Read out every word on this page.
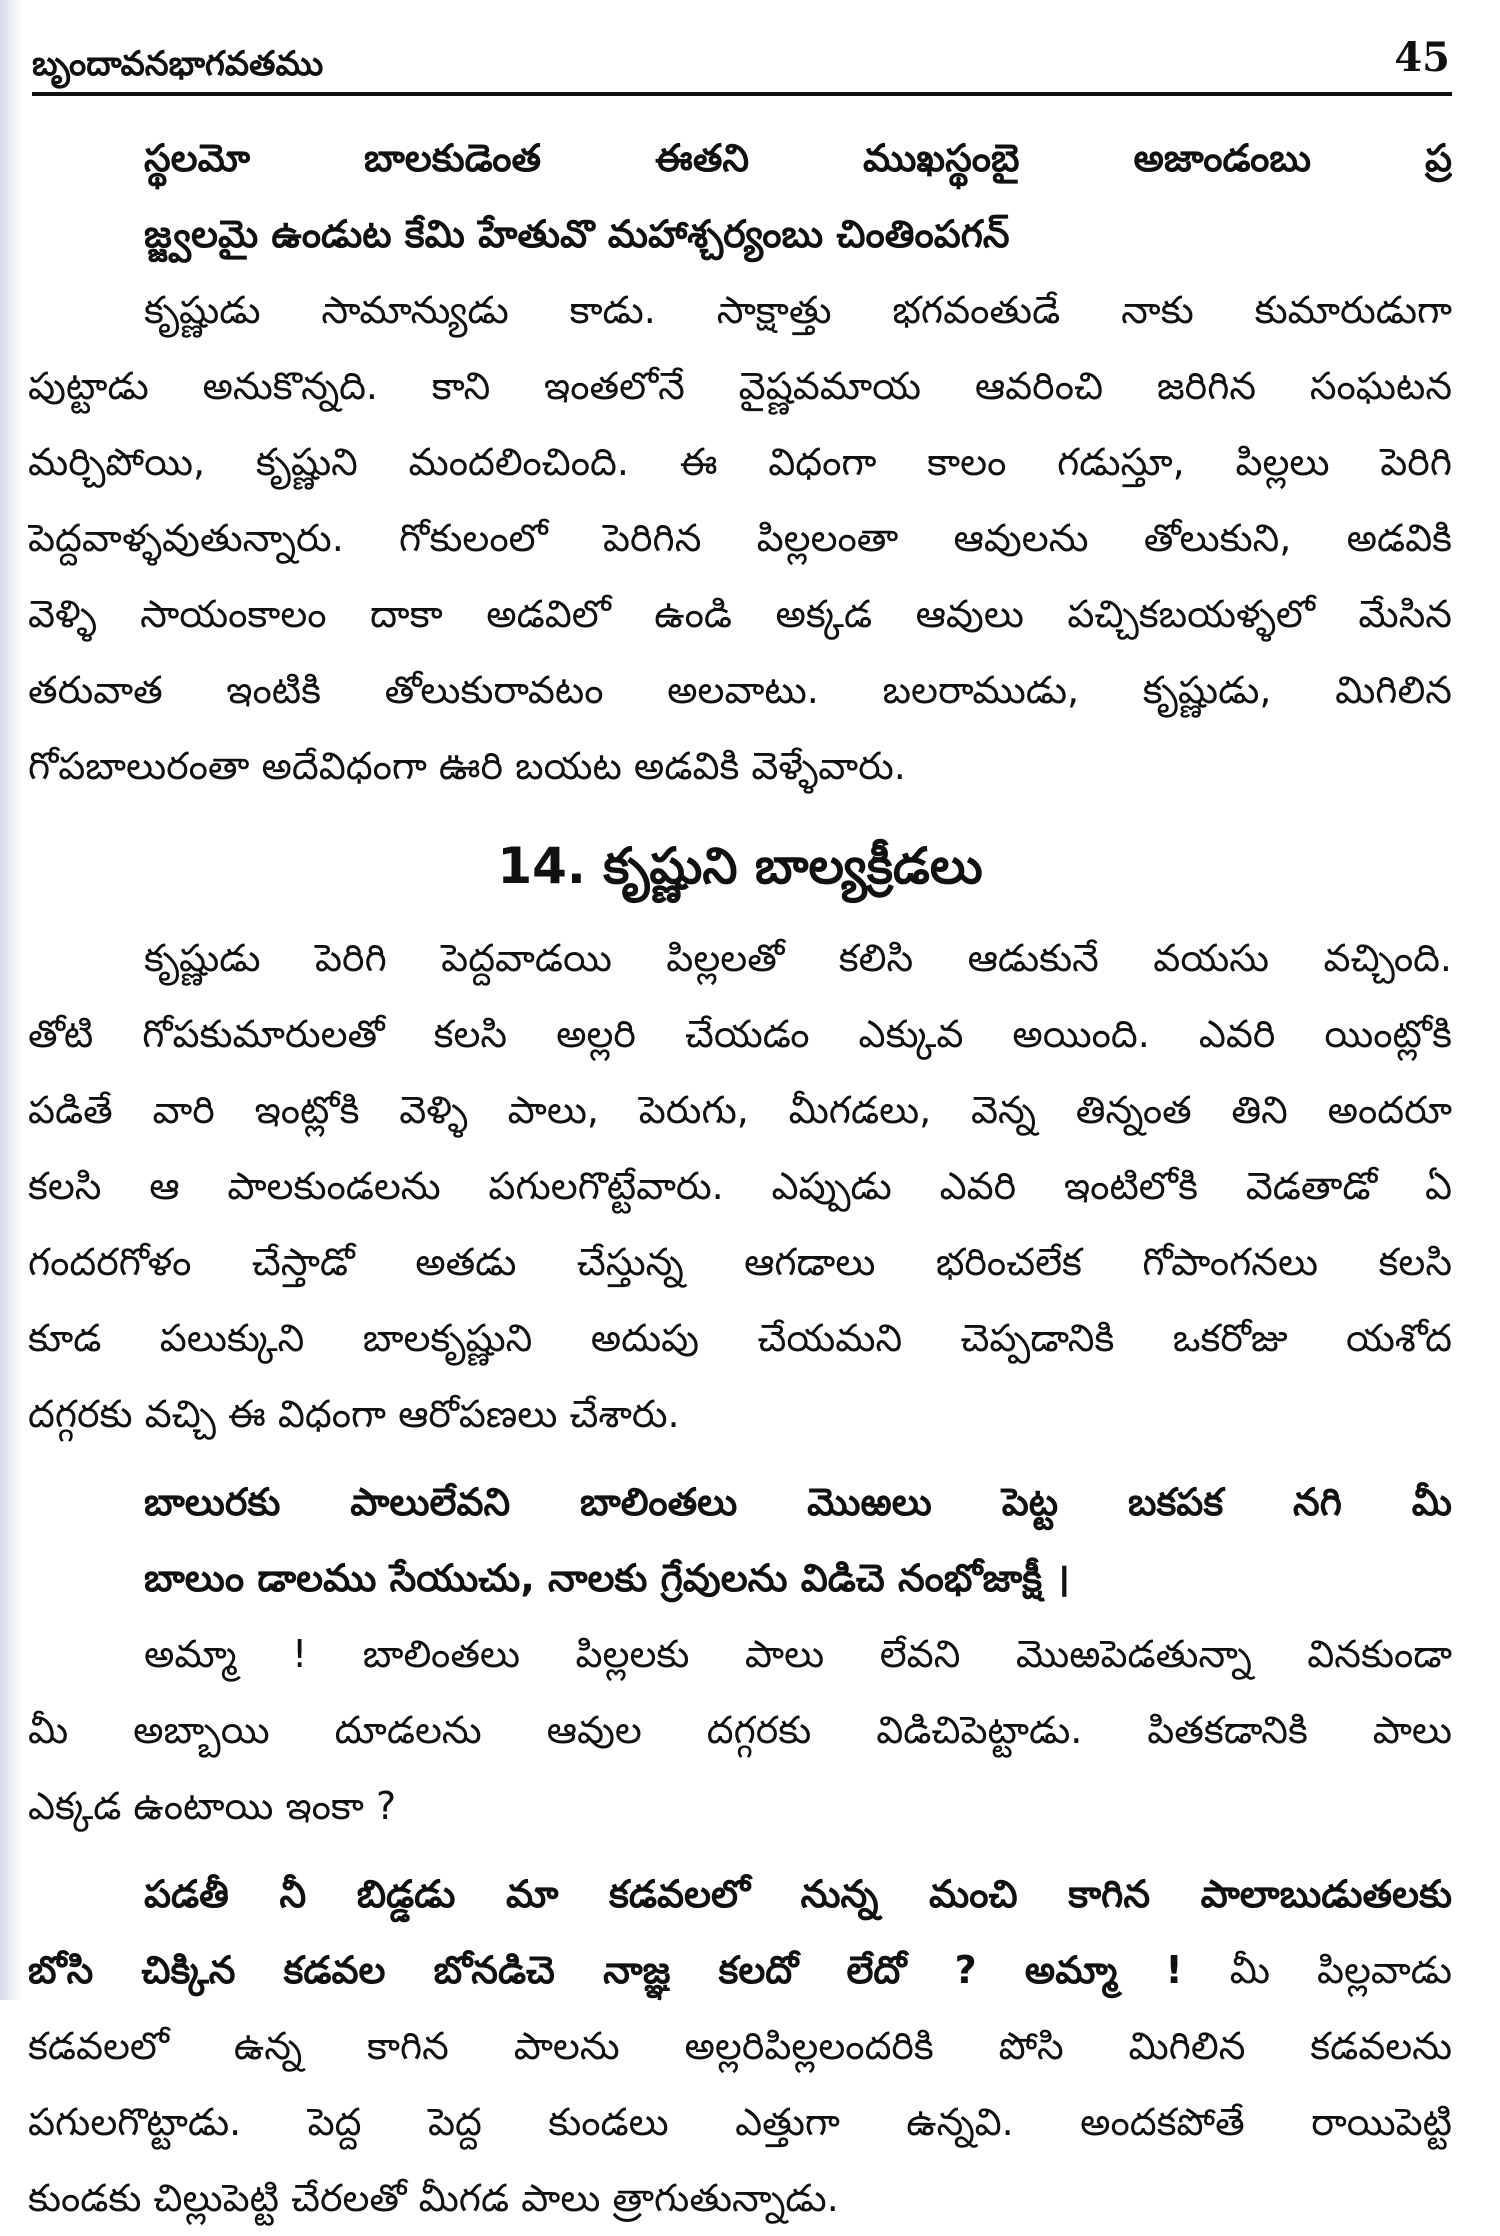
బృందావనభాగవతము	45
స్థలమో బాలకుడెంత ఈతని ముఖస్థంబై అజాండంబు ప్ర
జ్జ్వలమై ఉండుట కేమి హేతువొ మహాశ్చర్యంబు చింతింపగన్
కృష్ణుడు సామాన్యుడు కాడు. సాక్షాత్తు భగవంతుడే నాకు కుమారుడుగా
పుట్టాడు అనుకొన్నది. కాని ఇంతలోనే వైష్ణవమాయ ఆవరించి జరిగిన సంఘటన
మర్చిపోయి, కృష్ణుని మందలించింది. ఈ విధంగా కాలం గడుస్తూ, పిల్లలు పెరిగి
పెద్దవాళ్ళవుతున్నారు. గోకులంలో పెరిగిన పిల్లలంతా ఆవులను తోలుకుని, అడవికి
వెళ్ళి సాయంకాలం దాకా అడవిలో ఉండి అక్కడ ఆవులు పచ్చికబయళ్ళలో మేసిన
తరువాత ఇంటికి తోలుకురావటం అలవాటు. బలరాముడు, కృష్ణుడు, మిగిలిన
గోపబాలురంతా అదేవిధంగా ఊరి బయట అడవికి వెళ్ళేవారు.
14. కృష్ణుని బాల్యక్రీడలు
కృష్ణుడు పెరిగి పెద్దవాడయి పిల్లలతో కలిసి ఆడుకునే వయసు వచ్చింది.
తోటి గోపకుమారులతో కలసి అల్లరి చేయడం ఎక్కువ అయింది. ఎవరి యింట్లోకి
పడితే వారి ఇంట్లోకి వెళ్ళి పాలు, పెరుగు, మీగడలు, వెన్న తిన్నంత తిని అందరూ
కలసి ఆ పాలకుండలను పగులగొట్టేవారు. ఎప్పుడు ఎవరి ఇంటిలోకి వెడతాడో ఏ
గందరగోళం చేస్తాడో అతడు చేస్తున్న ఆగడాలు భరించలేక గోపాంగనలు కలసి
కూడ పలుక్కుని బాలకృష్ణుని అదుపు చేయమని చెప్పడానికి ఒకరోజు యశోద
దగ్గరకు వచ్చి ఈ విధంగా ఆరోపణలు చేశారు.
బాలురకు పాలులేవని బాలింతలు మొఱలు పెట్ట బకపక నగి మీ
బాలుం డాలము సేయుచు, నాలకు గ్రేవులను విడిచె నంభోజాక్షీ ।
అమ్మా ! బాలింతలు పిల్లలకు పాలు లేవని మొఱపెడతున్నా వినకుండా
మీ అబ్బాయి దూడలను ఆవుల దగ్గరకు విడిచిపెట్టాడు. పితకడానికి పాలు
ఎక్కడ ఉంటాయి ఇంకా ?
పడతీ నీ బిడ్డడు మా కడవలలో నున్న మంచి కాగిన పాలాబుడుతలకు
బోసి చిక్కిన కడవల బోనడిచె నాజ్ఞ కలదో లేదో ? అమ్మా ! మీ పిల్లవాడు
కడవలలో ఉన్న కాగిన పాలను అల్లరిపిల్లలందరికి పోసి మిగిలిన కడవలను
పగులగొట్టాడు. పెద్ద పెద్ద కుండలు ఎత్తుగా ఉన్నవి. అందకపోతే రాయిపెట్టి
కుండకు చిల్లుపెట్టి చేరలతో మీగడ పాలు త్రాగుతున్నాడు.
